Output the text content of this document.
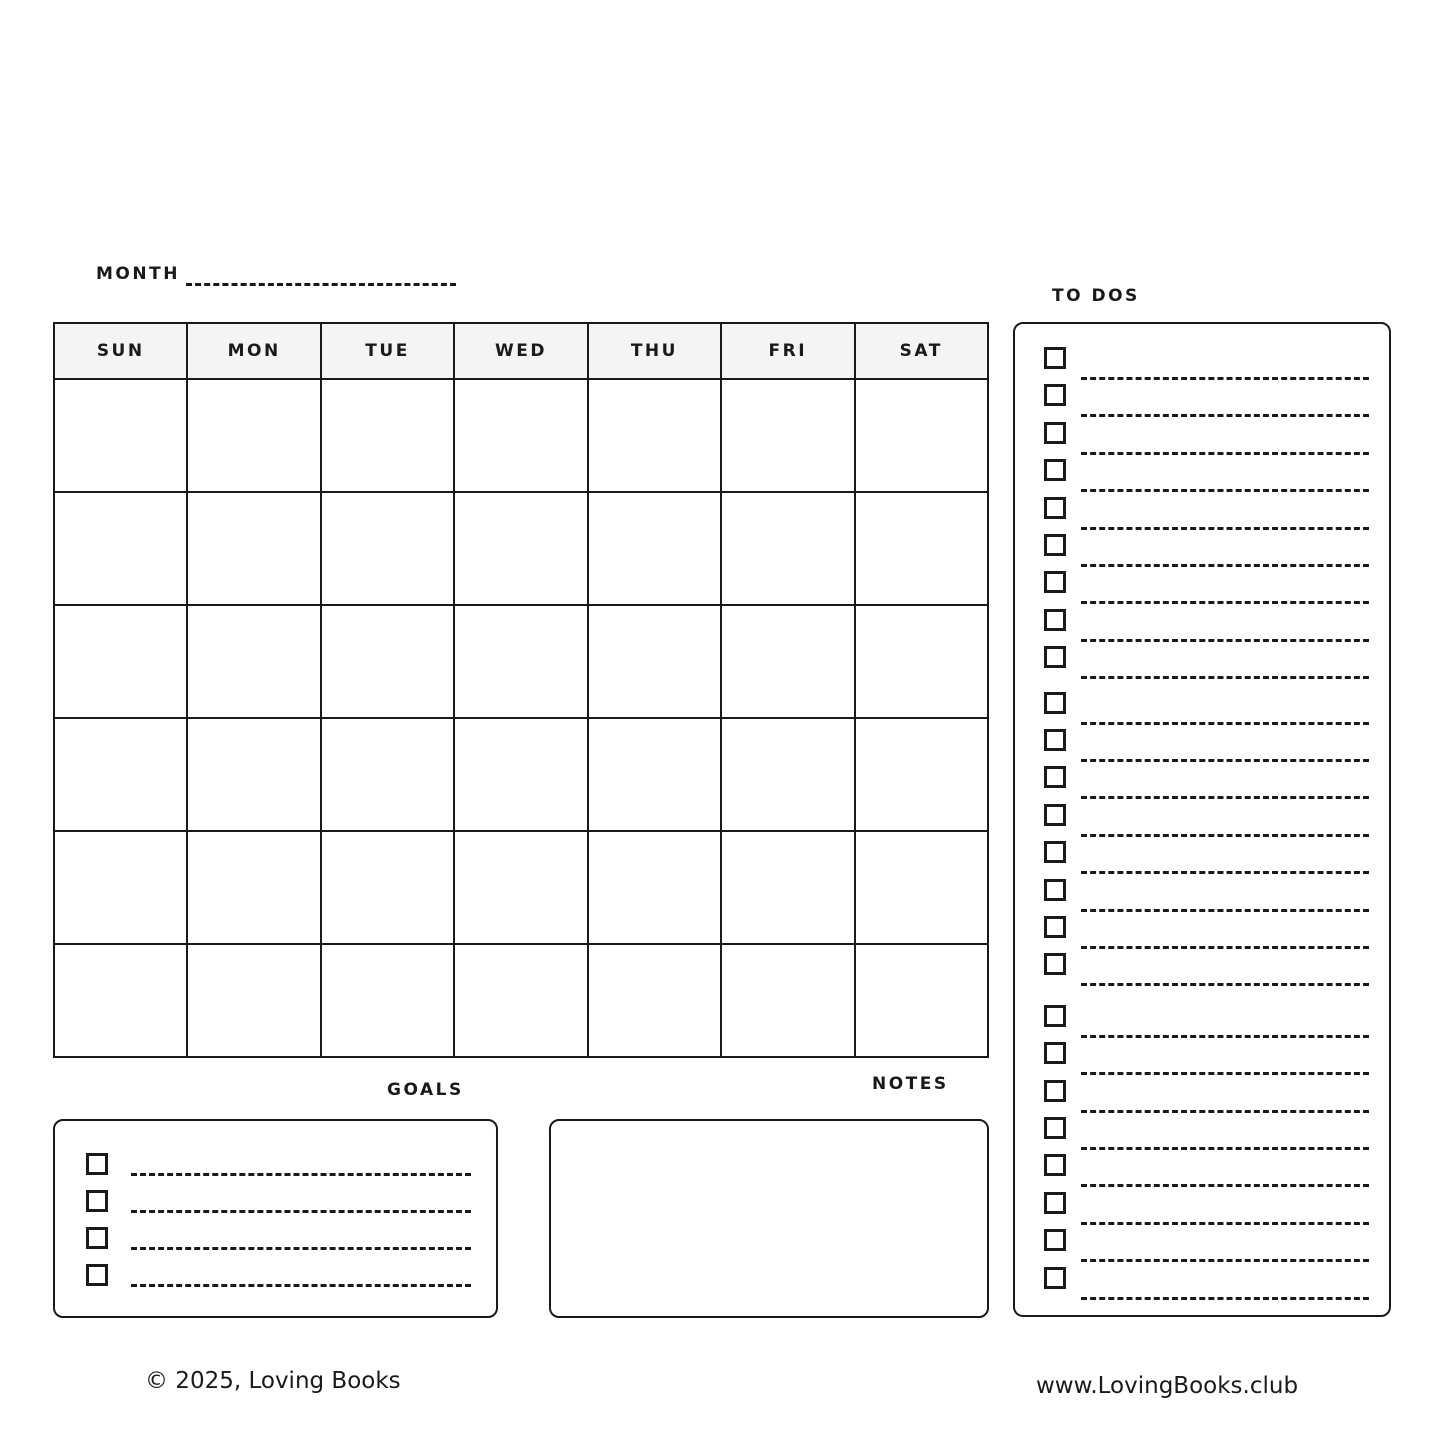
MONTH
TO DOS
SUN	MON	TUE	WED	THU	FRI	SAT

GOALS	NOTES
© 2025, Loving Books	www.LovingBooks.club
